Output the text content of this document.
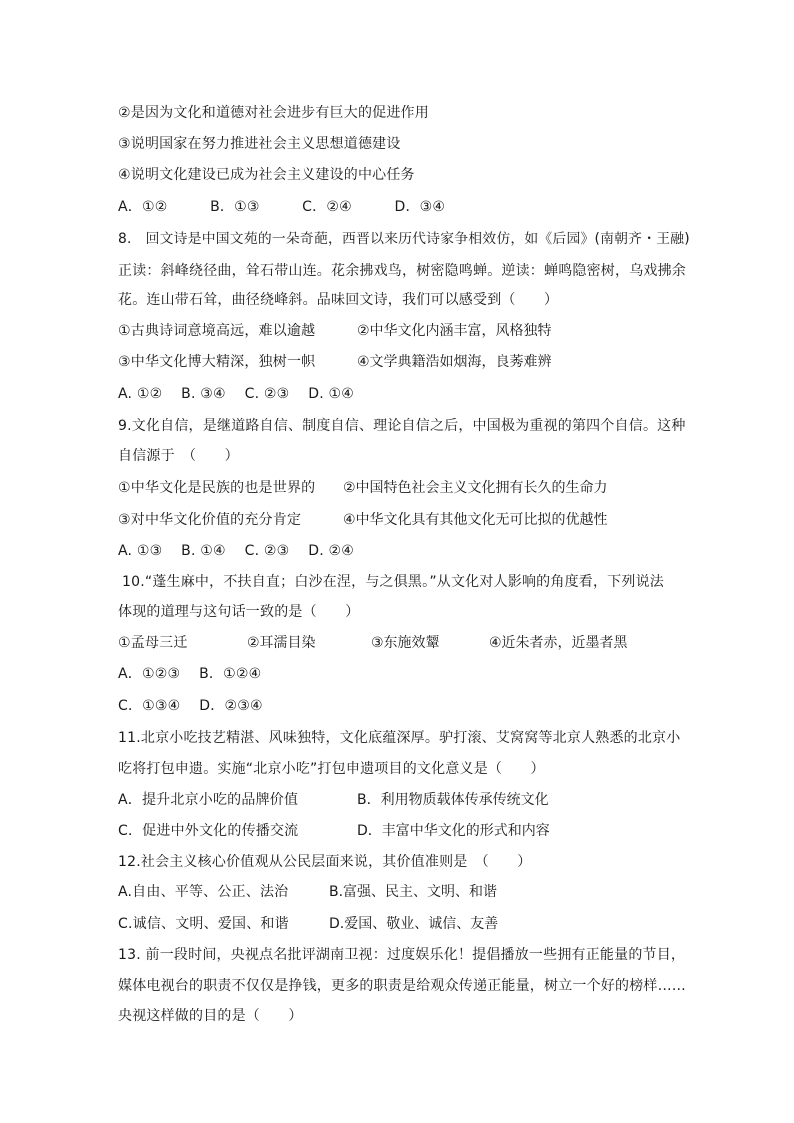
②是因为文化和道德对社会进步有巨大的促进作用
③说明国家在努力推进社会主义思想道德建设
④说明文化建设已成为社会主义建设的中心任务
A．①②　　　B．①③　　　C．②④　　　D．③④
8.　回文诗是中国文苑的一朵奇葩，西晋以来历代诗家争相效仿，如《后园》(南朝齐・王融)
正读：斜峰绕径曲，耸石带山连。花余拂戏鸟，树密隐鸣蝉。逆读：蝉鸣隐密树，乌戏拂余
花。连山带石耸，曲径绕峰斜。品味回文诗，我们可以感受到（　　）
①古典诗词意境高远，难以逾越	②中华文化内涵丰富，风格独特
③中华文化博大精深，独树一帜	④文学典籍浩如烟海，良莠难辨
A. ①②　 B. ③④　 C. ②③　 D. ①④
9.文化自信，是继道路自信、制度自信、理论自信之后，中国极为重视的第四个自信。这种
自信源于　（　　）
①中华文化是民族的也是世界的 ②中国特色社会主义文化拥有长久的生命力
③对中华文化价值的充分肯定	④中华文化具有其他文化无可比拟的优越性
A. ①③　 B. ①④　 C. ②③　 D. ②④
10.“蓬生麻中，不扶自直；白沙在涅，与之俱黑。”从文化对人影响的角度看，下列说法
体现的道理与这句话一致的是（　　）
①孟母三迁	②耳濡目染	③东施效颦	④近朱者赤，近墨者黑
A．①②③　 B．①②④
C．①③④　 D．②③④
11.北京小吃技艺精湛、风味独特，文化底蕴深厚。驴打滚、艾窝窝等北京人熟悉的北京小
吃将打包申遗。实施“北京小吃”打包申遗项目的文化意义是（　　）
A．提升北京小吃的品牌价值	B．利用物质载体传承传统文化
C．促进中外文化的传播交流	D．丰富中华文化的形式和内容
12.社会主义核心价值观从公民层面来说，其价值准则是　（　　）
A.自由、平等、公正、法治	B.富强、民主、文明、和谐
C.诚信、文明、爱国、和谐	D.爱国、敬业、诚信、友善
13. 前一段时间，央视点名批评湖南卫视：过度娱乐化！提倡播放一些拥有正能量的节目，
媒体电视台的职责不仅仅是挣钱，更多的职责是给观众传递正能量，树立一个好的榜样……
央视这样做的目的是（　　）
